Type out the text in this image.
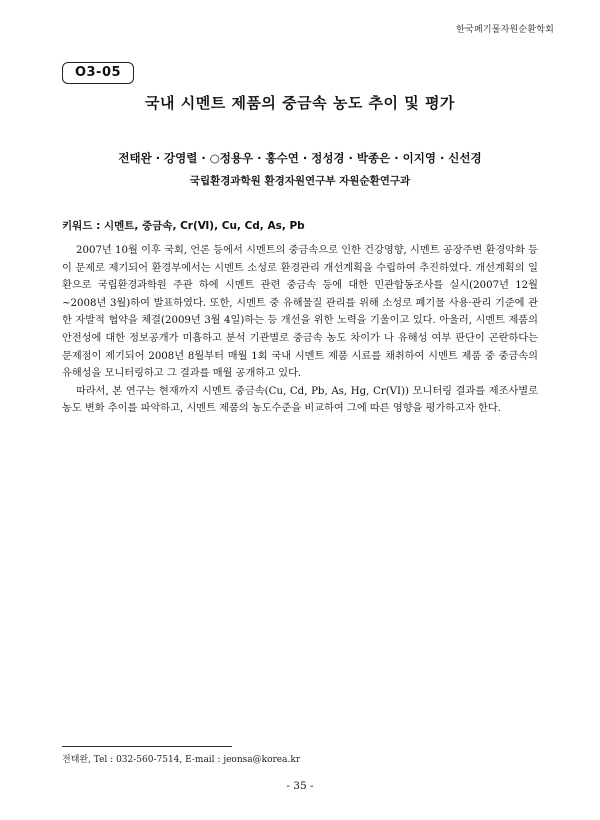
한국폐기물자원순환학회
O3-05
국내 시멘트 제품의 중금속 농도 추이 및 평가
전태완 · 강영렬 · ○정용우 · 홍수연 · 정성경 · 박종은 · 이지영 · 신선경
국립환경과학원 환경자원연구부 자원순환연구과
키워드 : 시멘트, 중금속, Cr(Ⅵ), Cu, Cd, As, Pb

2007년 10월 이후 국회, 언론 등에서 시멘트의 중금속으로 인한 건강영향, 시멘트 공장주변 환경악화 등이 문제로 제기되어 환경부에서는 시멘트 소성로 환경관리 개선계획을 수립하여 추진하였다. 개선계획의 일환으로 국립환경과학원 주관 하에 시멘트 관련 중금속 등에 대한 민관합동조사를 실시(2007년 12월~2008년 3월)하여 발표하였다. 또한, 시멘트 중 유해물질 관리를 위해 소성로 폐기물 사용·관리 기준에 관한 자발적 협약을 체결(2009년 3월 4일)하는 등 개선을 위한 노력을 기울이고 있다. 아울러, 시멘트 제품의 안전성에 대한 정보공개가 미흡하고 분석 기관별로 중금속 농도 차이가 나 유해성 여부 판단이 곤란하다는 문제점이 제기되어 2008년 8월부터 매월 1회 국내 시멘트 제품 시료를 채취하여 시멘트 제품 중 중금속의 유해성을 모니터링하고 그 결과를 매월 공개하고 있다.

따라서, 본 연구는 현재까지 시멘트 중금속(Cu, Cd, Pb, As, Hg, Cr(VI)) 모니터링 결과를 제조사별로 농도 변화 추이를 파악하고, 시멘트 제품의 농도수준을 비교하여 그에 따른 영향을 평가하고자 한다.

전태완, Tel : 032-560-7514, E-mail : jeonsa@korea.kr
- 35 -
